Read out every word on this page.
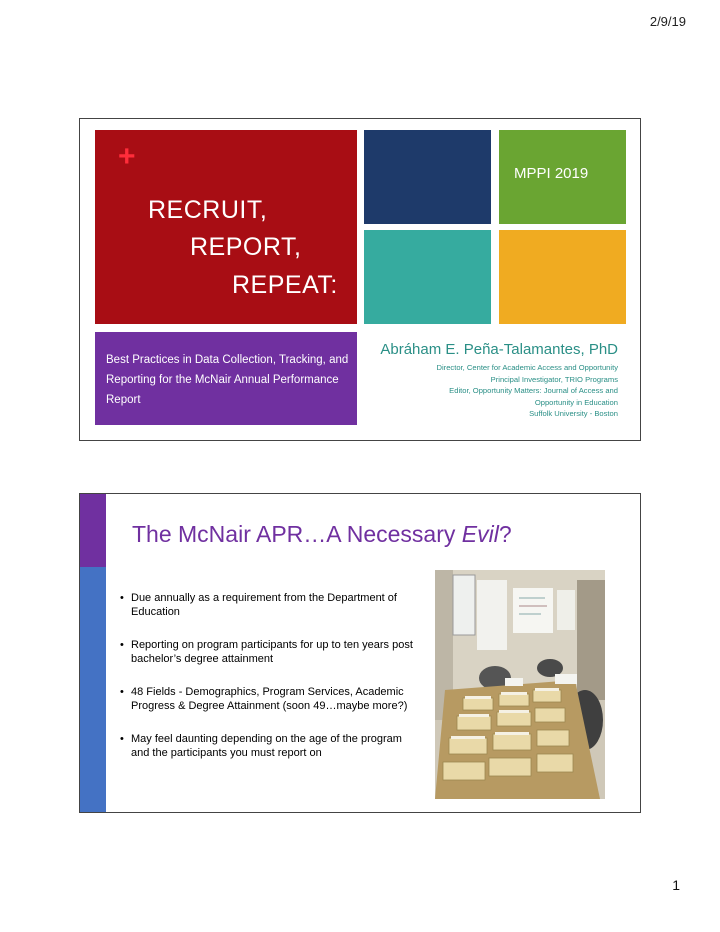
2/9/19
+
RECRUIT,
REPORT,
REPEAT:
MPPI 2019
Best Practices in Data Collection, Tracking, and Reporting for the McNair Annual Performance Report
Abráham E. Peña-Talamantes, PhD
Director, Center for Academic Access and Opportunity
Principal Investigator, TRIO Programs
Editor, Opportunity Matters: Journal of Access and
Opportunity in Education
Suffolk University - Boston
The McNair APR…A Necessary Evil?
• Due annually as a requirement from the Department of Education
• Reporting on program participants for up to ten years post bachelor’s degree attainment
• 48 Fields - Demographics, Program Services, Academic Progress & Degree Attainment (soon 49…maybe more?)
• May feel daunting depending on the age of the program and the participants you must report on
1
